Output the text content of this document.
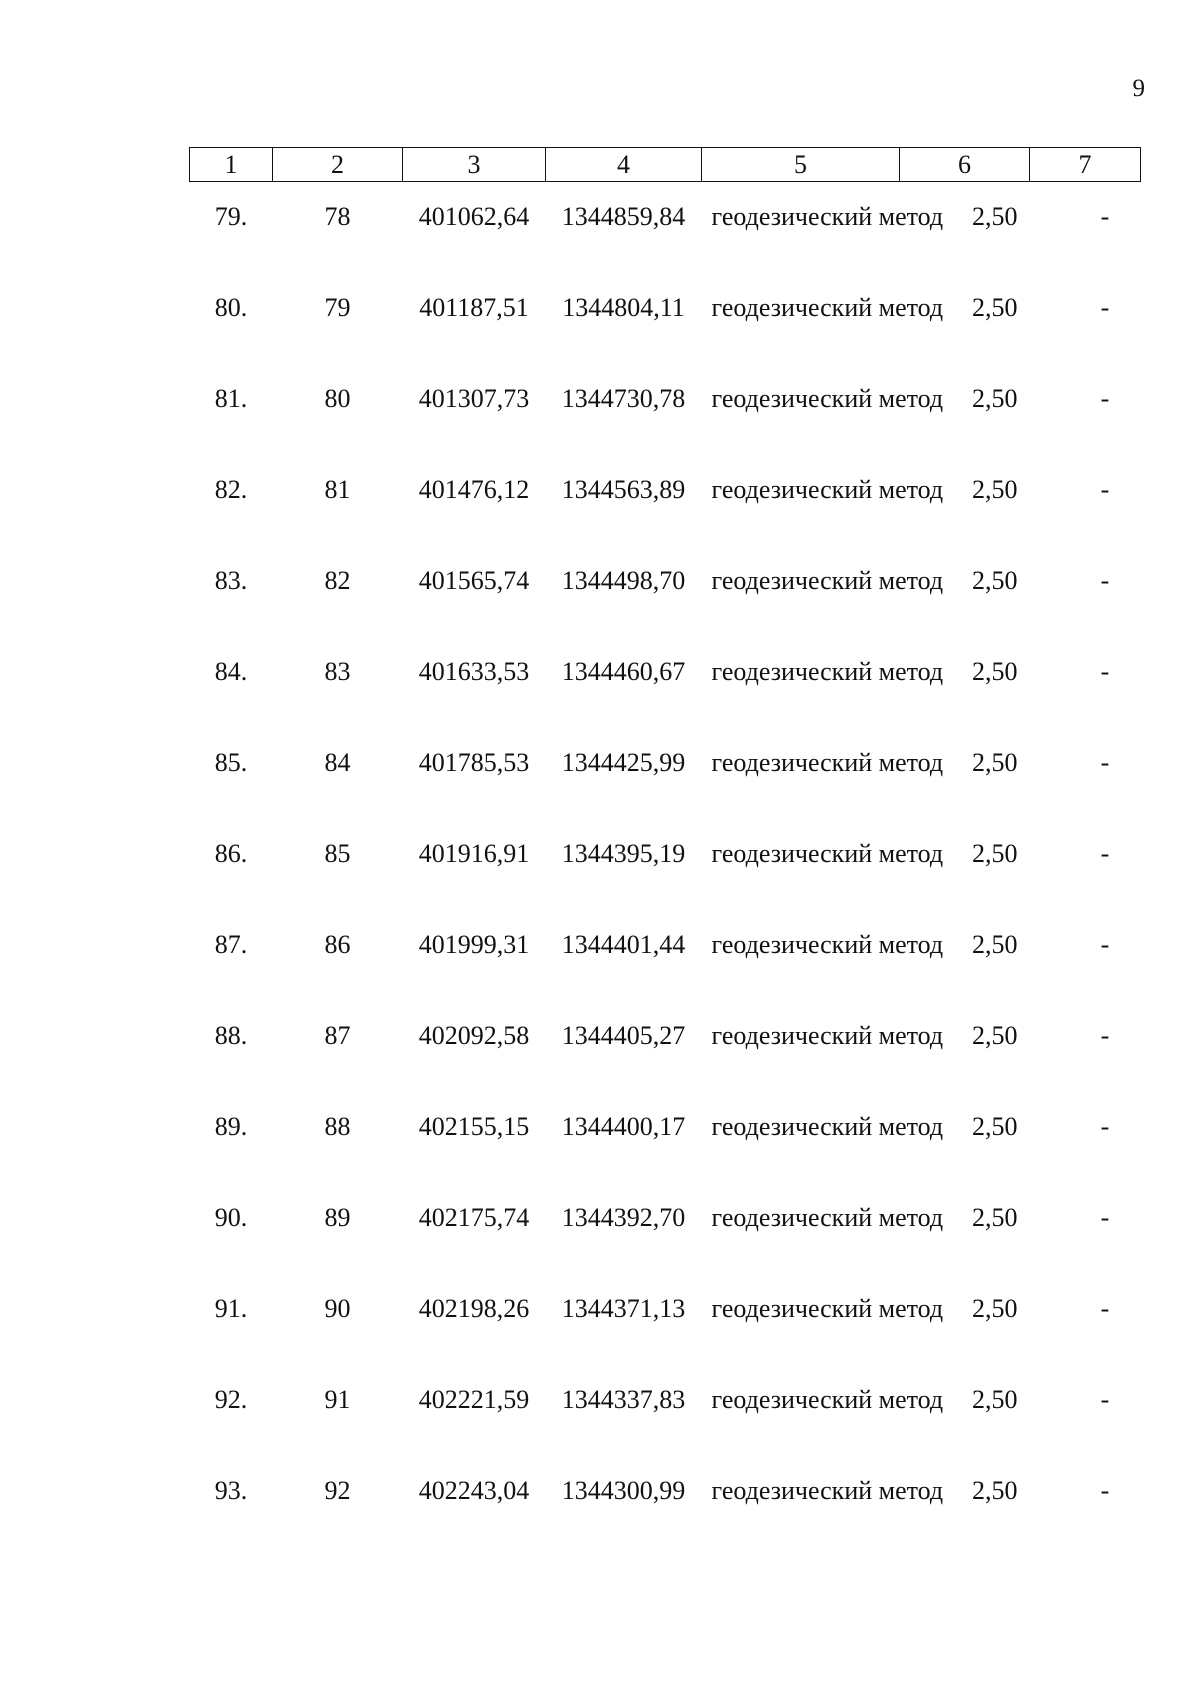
9
1	2	3	4	5	6	7
79.	78	401062,64	1344859,84	геодезический метод	2,50	-
80.	79	401187,51	1344804,11	геодезический метод	2,50	-
81.	80	401307,73	1344730,78	геодезический метод	2,50	-
82.	81	401476,12	1344563,89	геодезический метод	2,50	-
83.	82	401565,74	1344498,70	геодезический метод	2,50	-
84.	83	401633,53	1344460,67	геодезический метод	2,50	-
85.	84	401785,53	1344425,99	геодезический метод	2,50	-
86.	85	401916,91	1344395,19	геодезический метод	2,50	-
87.	86	401999,31	1344401,44	геодезический метод	2,50	-
88.	87	402092,58	1344405,27	геодезический метод	2,50	-
89.	88	402155,15	1344400,17	геодезический метод	2,50	-
90.	89	402175,74	1344392,70	геодезический метод	2,50	-
91.	90	402198,26	1344371,13	геодезический метод	2,50	-
92.	91	402221,59	1344337,83	геодезический метод	2,50	-
93.	92	402243,04	1344300,99	геодезический метод	2,50	-
